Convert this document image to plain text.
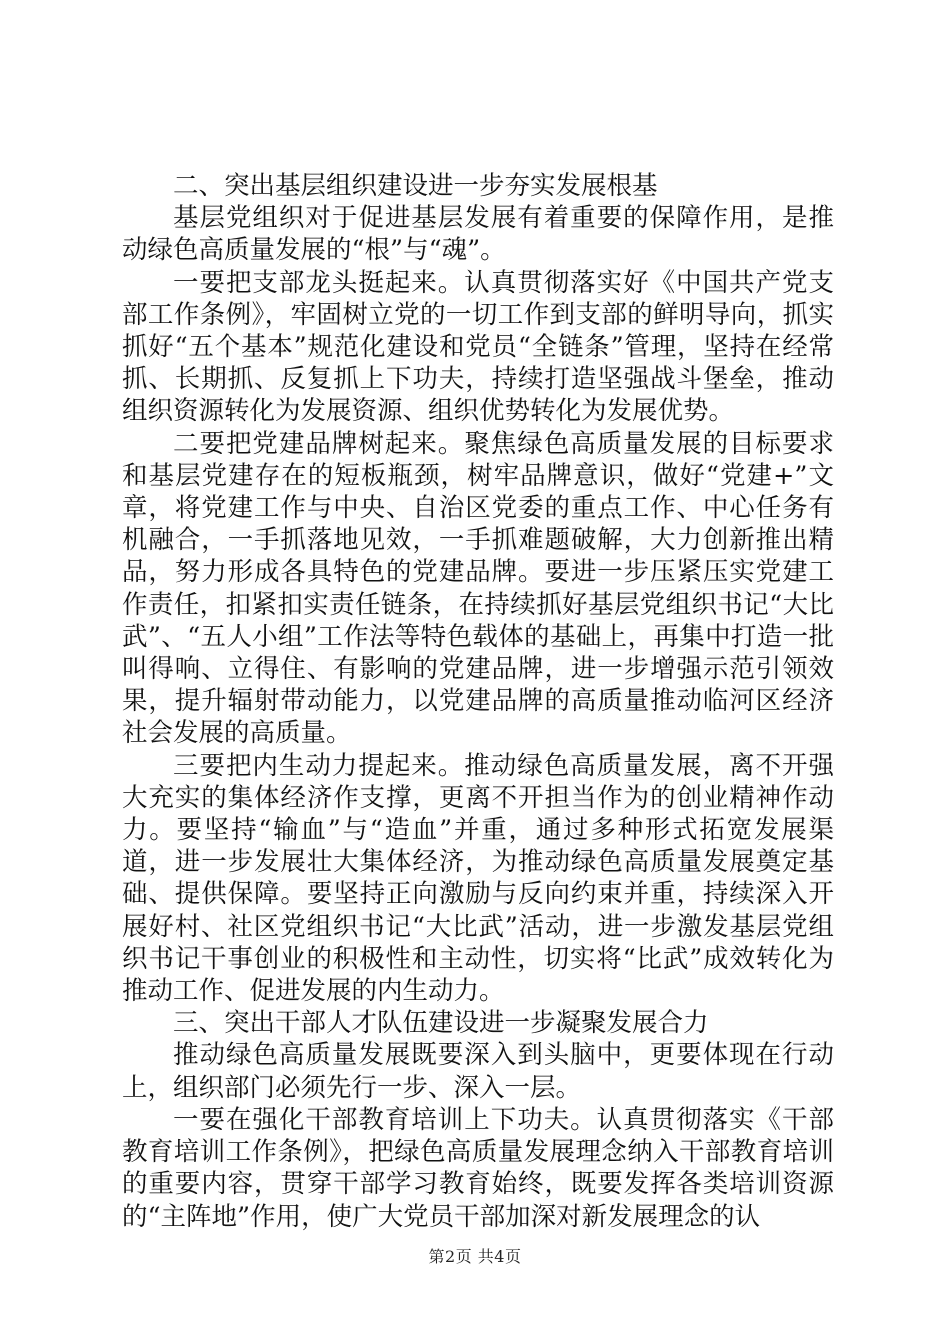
二、突出基层组织建设进一步夯实发展根基

基层党组织对于促进基层发展有着重要的保障作用，是推动绿色高质量发展的“根”与“魂”。

一要把支部龙头挺起来。认真贯彻落实好《中国共产党支部工作条例》，牢固树立党的一切工作到支部的鲜明导向，抓实抓好“五个基本”规范化建设和党员“全链条”管理，坚持在经常抓、长期抓、反复抓上下功夫，持续打造坚强战斗堡垒，推动组织资源转化为发展资源、组织优势转化为发展优势。

二要把党建品牌树起来。聚焦绿色高质量发展的目标要求和基层党建存在的短板瓶颈，树牢品牌意识，做好“党建+”文章，将党建工作与中央、自治区党委的重点工作、中心任务有机融合，一手抓落地见效，一手抓难题破解，大力创新推出精品，努力形成各具特色的党建品牌。要进一步压紧压实党建工作责任，扣紧扣实责任链条，在持续抓好基层党组织书记“大比武”、“五人小组”工作法等特色载体的基础上，再集中打造一批叫得响、立得住、有影响的党建品牌，进一步增强示范引领效果，提升辐射带动能力，以党建品牌的高质量推动临河区经济社会发展的高质量。

三要把内生动力提起来。推动绿色高质量发展，离不开强大充实的集体经济作支撑，更离不开担当作为的创业精神作动力。要坚持“输血”与“造血”并重，通过多种形式拓宽发展渠道，进一步发展壮大集体经济，为推动绿色高质量发展奠定基础、提供保障。要坚持正向激励与反向约束并重，持续深入开展好村、社区党组织书记“大比武”活动，进一步激发基层党组织书记干事创业的积极性和主动性，切实将“比武”成效转化为推动工作、促进发展的内生动力。

三、突出干部人才队伍建设进一步凝聚发展合力

推动绿色高质量发展既要深入到头脑中，更要体现在行动上，组织部门必须先行一步、深入一层。

一要在强化干部教育培训上下功夫。认真贯彻落实《干部教育培训工作条例》，把绿色高质量发展理念纳入干部教育培训的重要内容，贯穿干部学习教育始终，既要发挥各类培训资源的“主阵地”作用，使广大党员干部加深对新发展理念的认

第2页 共4页
